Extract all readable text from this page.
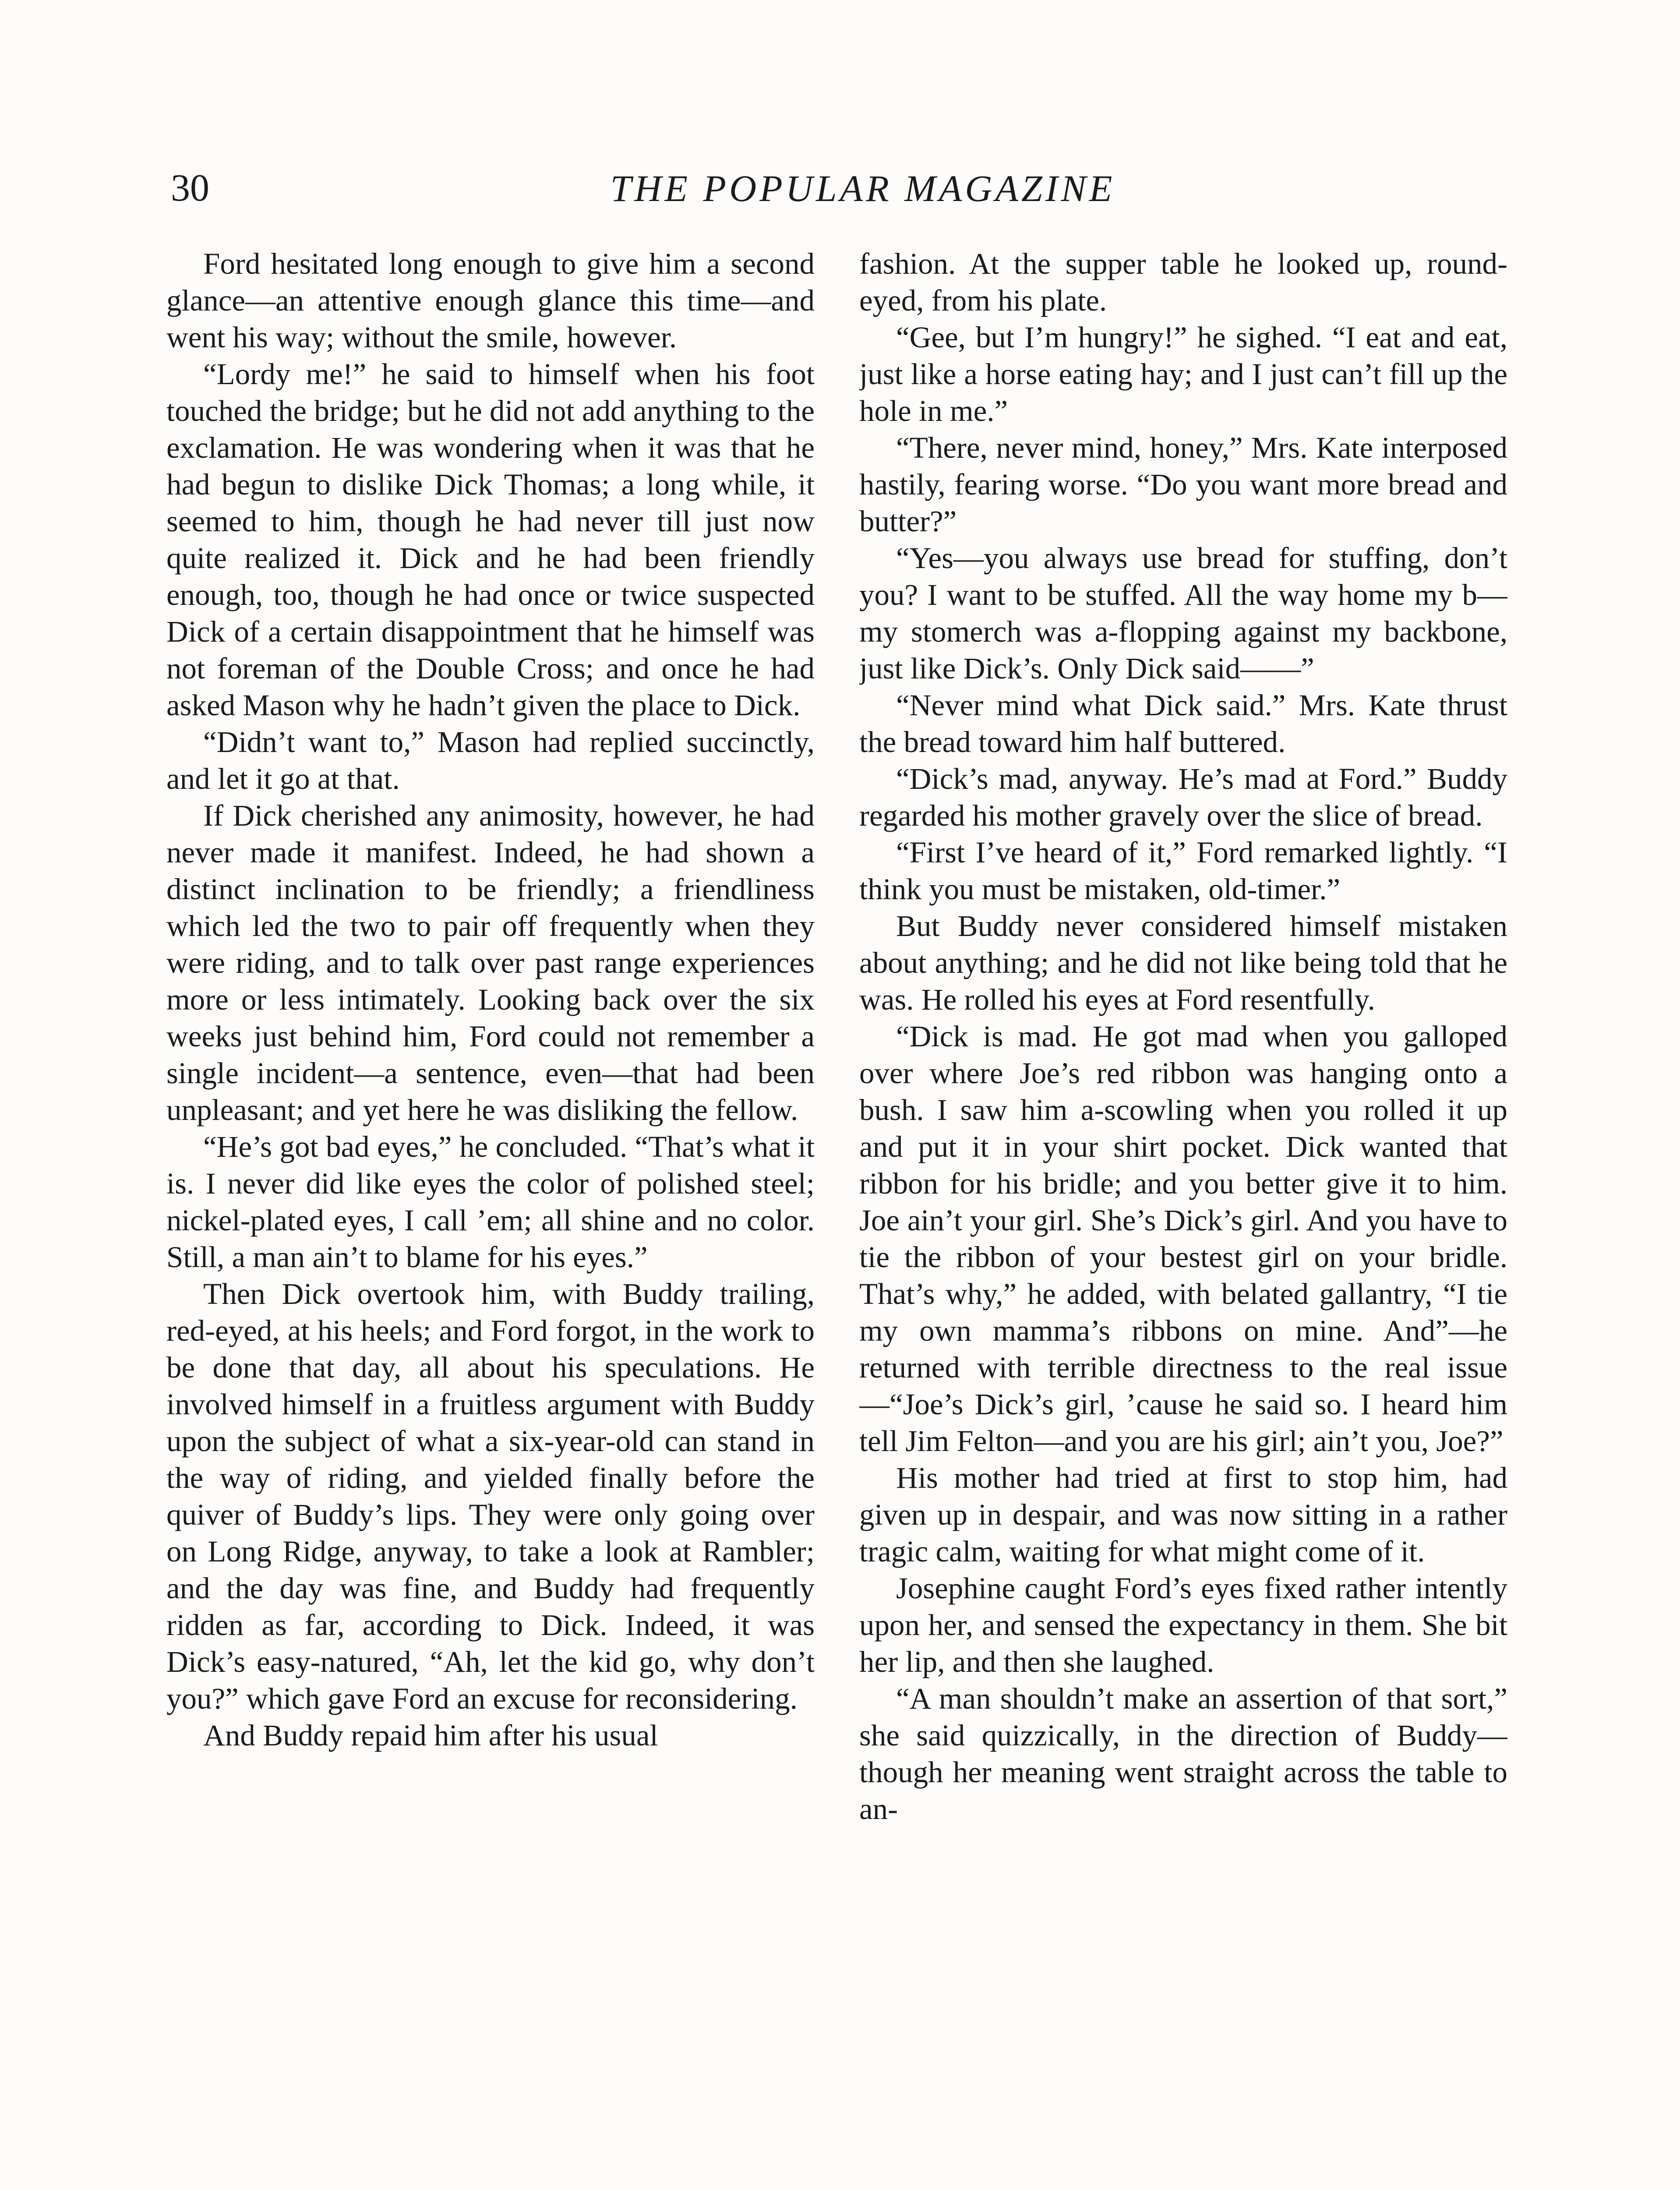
30	THE POPULAR MAGAZINE

Ford hesitated long enough to give him a second glance—an attentive enough glance this time—and went his way; without the smile, however.

“Lordy me!” he said to himself when his foot touched the bridge; but he did not add anything to the exclamation. He was wondering when it was that he had begun to dislike Dick Thomas; a long while, it seemed to him, though he had never till just now quite realized it. Dick and he had been friendly enough, too, though he had once or twice suspected Dick of a certain disappointment that he himself was not foreman of the Double Cross; and once he had asked Mason why he hadn’t given the place to Dick.

“Didn’t want to,” Mason had replied succinctly, and let it go at that.

If Dick cherished any animosity, however, he had never made it manifest. Indeed, he had shown a distinct inclination to be friendly; a friendliness which led the two to pair off frequently when they were riding, and to talk over past range experiences more or less intimately. Looking back over the six weeks just behind him, Ford could not remember a single incident—a sentence, even—that had been unpleasant; and yet here he was disliking the fellow.

“He’s got bad eyes,” he concluded. “That’s what it is. I never did like eyes the color of polished steel; nickel-plated eyes, I call ’em; all shine and no color. Still, a man ain’t to blame for his eyes.”

Then Dick overtook him, with Buddy trailing, red-eyed, at his heels; and Ford forgot, in the work to be done that day, all about his speculations. He involved himself in a fruitless argument with Buddy upon the subject of what a six-year-old can stand in the way of riding, and yielded finally before the quiver of Buddy’s lips. They were only going over on Long Ridge, anyway, to take a look at Rambler; and the day was fine, and Buddy had frequently ridden as far, according to Dick. Indeed, it was Dick’s easy-natured, “Ah, let the kid go, why don’t you?” which gave Ford an excuse for reconsidering.

And Buddy repaid him after his usual

fashion. At the supper table he looked up, round-eyed, from his plate.

“Gee, but I’m hungry!” he sighed. “I eat and eat, just like a horse eating hay; and I just can’t fill up the hole in me.”

“There, never mind, honey,” Mrs. Kate interposed hastily, fearing worse. “Do you want more bread and butter?”

“Yes—you always use bread for stuffing, don’t you? I want to be stuffed. All the way home my b—my stomerch was a-flopping against my backbone, just like Dick’s. Only Dick said——”

“Never mind what Dick said.” Mrs. Kate thrust the bread toward him half buttered.

“Dick’s mad, anyway. He’s mad at Ford.” Buddy regarded his mother gravely over the slice of bread.

“First I’ve heard of it,” Ford remarked lightly. “I think you must be mistaken, old-timer.”

But Buddy never considered himself mistaken about anything; and he did not like being told that he was. He rolled his eyes at Ford resentfully.

“Dick is mad. He got mad when you galloped over where Joe’s red ribbon was hanging onto a bush. I saw him a-scowling when you rolled it up and put it in your shirt pocket. Dick wanted that ribbon for his bridle; and you better give it to him. Joe ain’t your girl. She’s Dick’s girl. And you have to tie the ribbon of your bestest girl on your bridle. That’s why,” he added, with belated gallantry, “I tie my own mamma’s ribbons on mine. And”—he returned with terrible directness to the real issue —“Joe’s Dick’s girl, ’cause he said so. I heard him tell Jim Felton—and you are his girl; ain’t you, Joe?”

His mother had tried at first to stop him, had given up in despair, and was now sitting in a rather tragic calm, waiting for what might come of it.

Josephine caught Ford’s eyes fixed rather intently upon her, and sensed the expectancy in them. She bit her lip, and then she laughed.

“A man shouldn’t make an assertion of that sort,” she said quizzically, in the direction of Buddy—though her meaning went straight across the table to an-
